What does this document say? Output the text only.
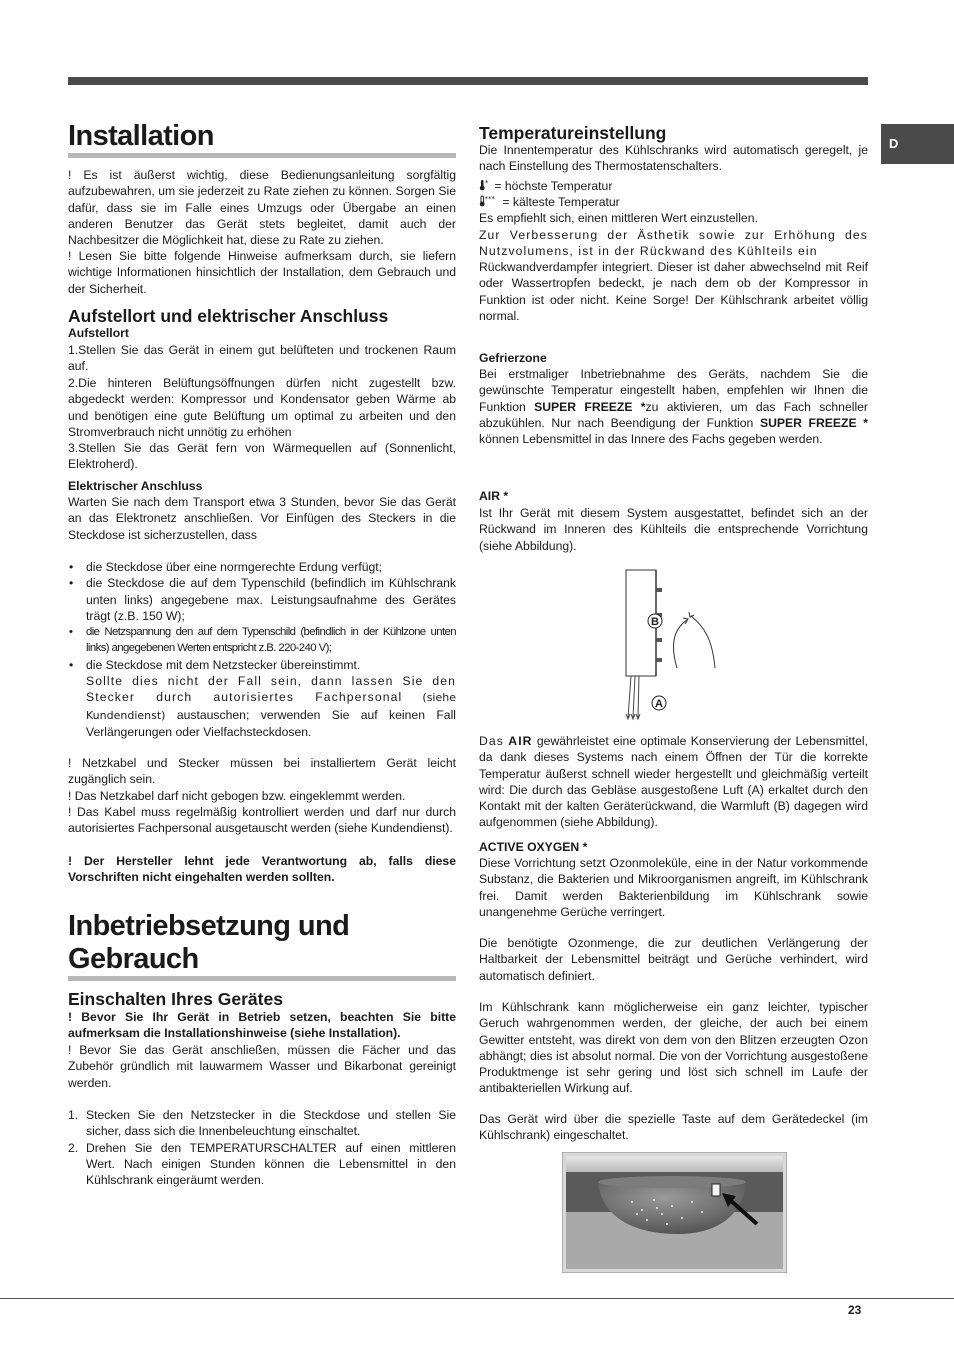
D
Installation

! Es ist äußerst wichtig, diese Bedienungsanleitung sorgfältig aufzubewahren, um sie jederzeit zu Rate ziehen zu können. Sorgen Sie dafür, dass sie im Falle eines Umzugs oder Übergabe an einen anderen Benutzer das Gerät stets begleitet, damit auch der Nachbesitzer die Möglichkeit hat, diese zu Rate zu ziehen.

! Lesen Sie bitte folgende Hinweise aufmerksam durch, sie liefern wichtige Informationen hinsichtlich der Installation, dem Gebrauch und der Sicherheit.

Aufstellort und elektrischer Anschluss
Aufstellort

1.Stellen Sie das Gerät in einem gut belüfteten und trockenen Raum auf.

2.Die hinteren Belüftungsöffnungen dürfen nicht zugestellt bzw. abgedeckt werden: Kompressor und Kondensator geben Wärme ab und benötigen eine gute Belüftung um optimal zu arbeiten und den Stromverbrauch nicht unnötig zu erhöhen

3.Stellen Sie das Gerät fern von Wärmequellen auf (Sonnenlicht, Elektroherd).

Elektrischer Anschluss

Warten Sie nach dem Transport etwa 3 Stunden, bevor Sie das Gerät an das Elektronetz anschließen. Vor Einfügen des Steckers in die Steckdose ist sicherzustellen, dass

• die Steckdose über eine normgerechte Erdung verfügt;
• die Steckdose die auf dem Typenschild (befindlich im Kühlschrank unten links) angegebene max. Leistungsaufnahme des Gerätes trägt (z.B. 150 W);
• die Netzspannung den auf dem Typenschild (befindlich in der Kühlzone unten links) angegebenen Werten entspricht z.B. 220-240 V);
• die Steckdose mit dem Netzstecker übereinstimmt.

Sollte dies nicht der Fall sein, dann lassen Sie den Stecker durch autorisiertes Fachpersonal (siehe Kundendienst) austauschen; verwenden Sie auf keinen Fall Verlängerungen oder Vielfachsteckdosen.

! Netzkabel und Stecker müssen bei installiertem Gerät leicht zugänglich sein.

! Das Netzkabel darf nicht gebogen bzw. eingeklemmt werden.

! Das Kabel muss regelmäßig kontrolliert werden und darf nur durch autorisiertes Fachpersonal ausgetauscht werden (siehe Kundendienst).

! Der Hersteller lehnt jede Verantwortung ab, falls diese Vorschriften nicht eingehalten werden sollten.

Inbetriebsetzung und
Gebrauch
Einschalten Ihres Gerätes

! Bevor Sie Ihr Gerät in Betrieb setzen, beachten Sie bitte aufmerksam die Installationshinweise (siehe Installation).

! Bevor Sie das Gerät anschließen, müssen die Fächer und das Zubehör gründlich mit lauwarmem Wasser und Bikarbonat gereinigt werden.

1. Stecken Sie den Netzstecker in die Steckdose und stellen Sie sicher, dass sich die Innenbeleuchtung einschaltet.
2. Drehen Sie den TEMPERATURSCHALTER auf einen mittleren Wert. Nach einigen Stunden können die Lebensmittel in den Kühlschrank eingeräumt werden.
Temperatureinstellung

Die Innentemperatur des Kühlschranks wird automatisch geregelt, je nach Einstellung des Thermostatenschalters.

* = höchste Temperatur

*** = kälteste Temperatur

Es empfiehlt sich, einen mittleren Wert einzustellen.

Zur Verbesserung der Ästhetik sowie zur Erhöhung des Nutzvolumens, ist in der Rückwand des Kühlteils ein

Rückwandverdampfer integriert. Dieser ist daher abwechselnd mit Reif oder Wassertropfen bedeckt, je nach dem ob der Kompressor in Funktion ist oder nicht. Keine Sorge! Der Kühlschrank arbeitet völlig normal.

Gefrierzone

Bei erstmaliger Inbetriebnahme des Geräts, nachdem Sie die gewünschte Temperatur eingestellt haben, empfehlen wir Ihnen die Funktion SUPER FREEZE *zu aktivieren, um das Fach schneller abzukühlen. Nur nach Beendigung der Funktion SUPER FREEZE * können Lebensmittel in das Innere des Fachs gegeben werden.

AIR *

Ist Ihr Gerät mit diesem System ausgestattet, befindet sich an der Rückwand im Inneren des Kühlteils die entsprechende Vorrichtung (siehe Abbildung).

B
A

Das AIR gewährleistet eine optimale Konservierung der Lebensmittel, da dank dieses Systems nach einem Öffnen der Tür die korrekte Temperatur äußerst schnell wieder hergestellt und gleichmäßig verteilt wird: Die durch das Gebläse ausgestoßene Luft (A) erkaltet durch den Kontakt mit der kalten Geräterückwand, die Warmluft (B) dagegen wird aufgenommen (siehe Abbildung).

ACTIVE OXYGEN *

Diese Vorrichtung setzt Ozonmoleküle, eine in der Natur vorkommende Substanz, die Bakterien und Mikroorganismen angreift, im Kühlschrank frei. Damit werden Bakterienbildung im Kühlschrank sowie unangenehme Gerüche verringert.

Die benötigte Ozonmenge, die zur deutlichen Verlängerung der Haltbarkeit der Lebensmittel beiträgt und Gerüche verhindert, wird automatisch definiert.

Im Kühlschrank kann möglicherweise ein ganz leichter, typischer Geruch wahrgenommen werden, der gleiche, der auch bei einem Gewitter entsteht, was direkt von dem von den Blitzen erzeugten Ozon abhängt; dies ist absolut normal. Die von der Vorrichtung ausgestoßene Produktmenge ist sehr gering und löst sich schnell im Laufe der antibakteriellen Wirkung auf.

Das Gerät wird über die spezielle Taste auf dem Gerätedeckel (im Kühlschrank) eingeschaltet.

23
